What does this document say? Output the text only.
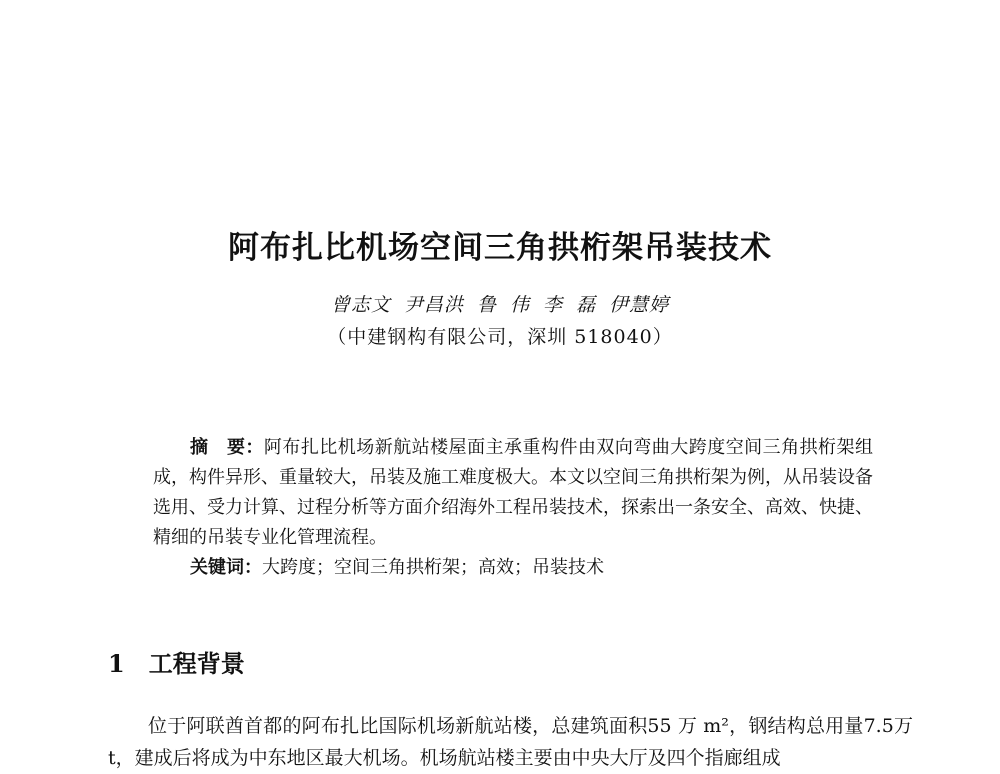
阿布扎比机场空间三角拱桁架吊装技术
曾志文 尹昌洪 鲁 伟 李 磊 伊慧婷
（中建钢构有限公司，深圳 518040）

摘　要：阿布扎比机场新航站楼屋面主承重构件由双向弯曲大跨度空间三角拱桁架组成，构件异形、重量较大，吊装及施工难度极大。本文以空间三角拱桁架为例，从吊装设备选用、受力计算、过程分析等方面介绍海外工程吊装技术，探索出一条安全、高效、快捷、精细的吊装专业化管理流程。

关键词：大跨度；空间三角拱桁架；高效；吊装技术

1 工程背景

位于阿联酋首都的阿布扎比国际机场新航站楼，总建筑面积55 万 m²，钢结构总用量7.5万t，建成后将成为中东地区最大机场。机场航站楼主要由中央大厅及四个指廊组成
